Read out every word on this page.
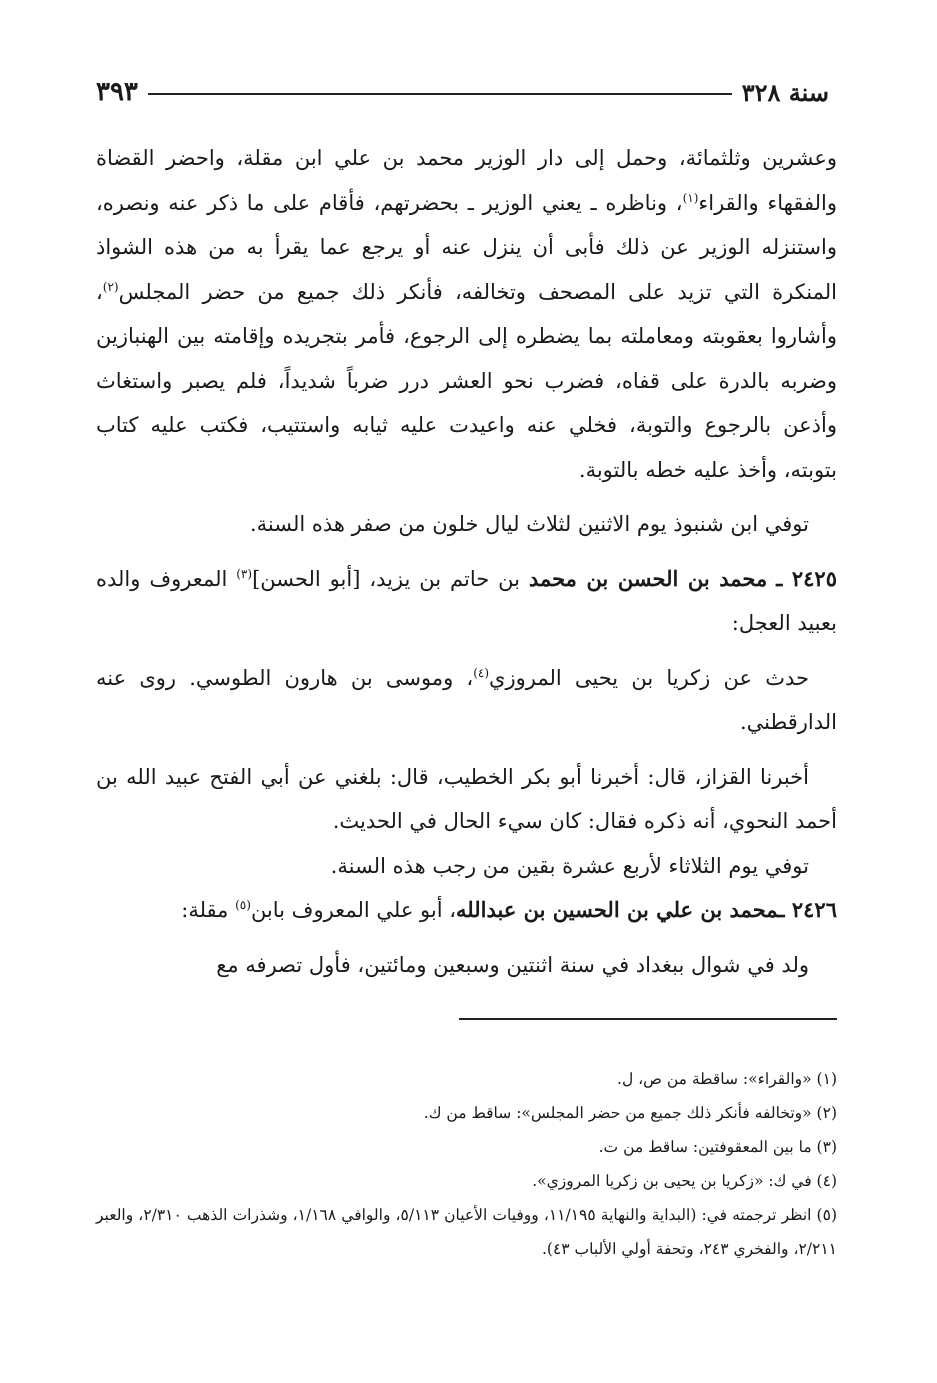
سنة ٣٢٨
٣٩٣

وعشرين وثلثمائة، وحمل إلى دار الوزير محمد بن علي ابن مقلة، واحضر القضاة والفقهاء والقراء$^{(١)}$، وناظره ـ يعني الوزير ـ بحضرتهم، فأقام على ما ذكر عنه ونصره، واستنزله الوزير عن ذلك فأبى أن ينزل عنه أو يرجع عما يقرأ به من هذه الشواذ المنكرة التي تزيد على المصحف وتخالفه، فأنكر ذلك جميع من حضر المجلس$^{(٢)}$، وأشاروا بعقوبته ومعاملته بما يضطره إلى الرجوع، فأمر بتجريده وإقامته بين الهنبازين وضربه بالدرة على قفاه، فضرب نحو العشر درر ضرباً شديداً، فلم يصبر واستغاث وأذعن بالرجوع والتوبة، فخلي عنه واعيدت عليه ثيابه واستتيب، فكتب عليه كتاب بتوبته، وأخذ عليه خطه بالتوبة.

توفي ابن شنبوذ يوم الاثنين لثلاث ليال خلون من صفر هذه السنة.

٢٤٢٥ ـ محمد بن الحسن بن محمد بن حاتم بن يزيد، [أبو الحسن]$^{(٣)}$ المعروف والده بعبيد العجل:

حدث عن زكريا بن يحيى المروزي$^{(٤)}$، وموسى بن هارون الطوسي. روى عنه الدارقطني.

أخبرنا القزاز، قال: أخبرنا أبو بكر الخطيب، قال: بلغني عن أبي الفتح عبيد الله بن أحمد النحوي، أنه ذكره فقال: كان سيء الحال في الحديث.

توفي يوم الثلاثاء لأربع عشرة بقين من رجب هذه السنة.

٢٤٢٦ ـمحمد بن علي بن الحسين بن عبدالله، أبو علي المعروف بابن$^{(٥)}$ مقلة:

ولد في شوال ببغداد في سنة اثنتين وسبعين ومائتين، فأول تصرفه مع

(١) «والقراء»: ساقطة من ص، ل.

(٢) «وتخالفه فأنكر ذلك جميع من حضر المجلس»: ساقط من ك.

(٣) ما بين المعقوفتين: ساقط من ت.

(٤) في ك: «زكريا بن يحيى بن زكريا المروزي».

(٥) انظر ترجمته في: (البداية والنهاية ١١/١٩٥، ووفيات الأعيان ٥/١١٣، والوافي ١/١٦٨، وشذرات الذهب ٢/٣١٠، والعبر ٢/٢١١، والفخري ٢٤٣، وتحفة أولي الألباب ٤٣).
